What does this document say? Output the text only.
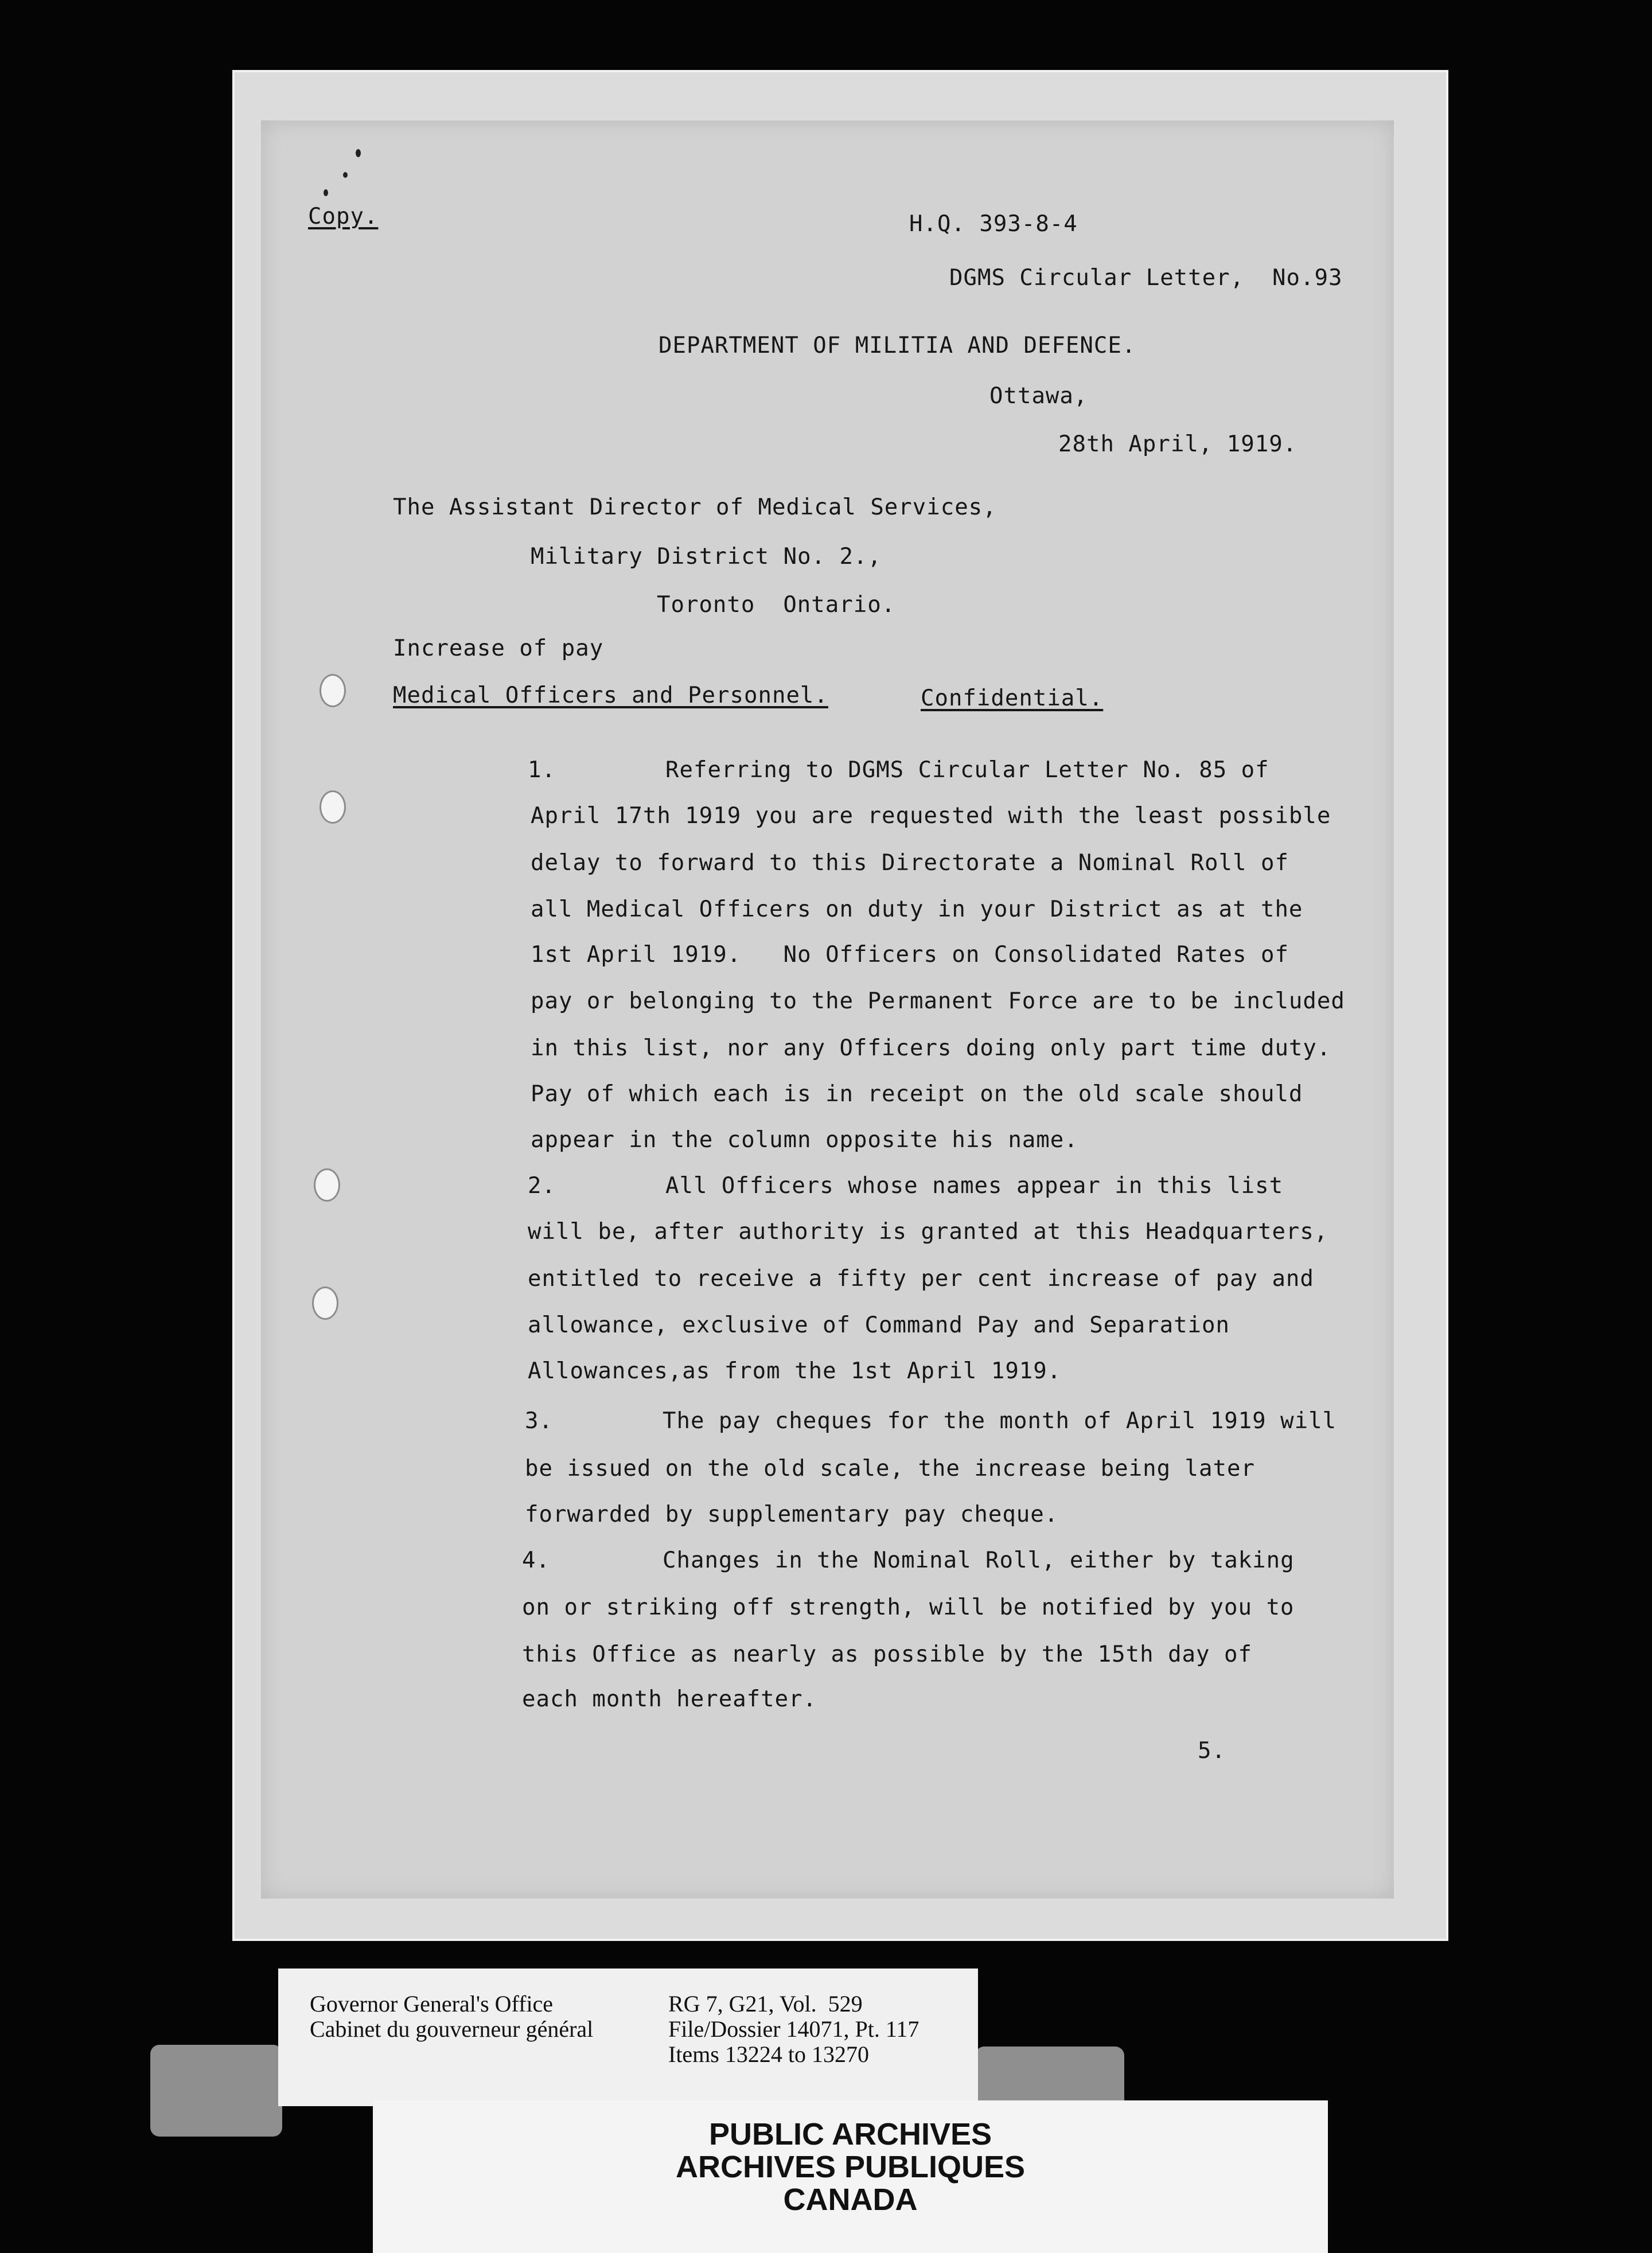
Copy.	H.Q. 393-8-4
DGMS Circular Letter,  No.93
DEPARTMENT OF MILITIA AND DEFENCE.
Ottawa,
28th April, 1919.
The Assistant Director of Medical Services,
Military District No. 2.,
Toronto  Ontario.
Increase of pay
Medical Officers and Personnel.	Confidential.
1.	Referring to DGMS Circular Letter No. 85 of
April 17th 1919 you are requested with the least possible
delay to forward to this Directorate a Nominal Roll of
all Medical Officers on duty in your District as at the
1st April 1919.   No Officers on Consolidated Rates of
pay or belonging to the Permanent Force are to be included
in this list, nor any Officers doing only part time duty.
Pay of which each is in receipt on the old scale should
appear in the column opposite his name.
2.	All Officers whose names appear in this list
will be, after authority is granted at this Headquarters,
entitled to receive a fifty per cent increase of pay and
allowance, exclusive of Command Pay and Separation
Allowances,as from the 1st April 1919.
3.	The pay cheques for the month of April 1919 will
be issued on the old scale, the increase being later
forwarded by supplementary pay cheque.
4.	Changes in the Nominal Roll, either by taking
on or striking off strength, will be notified by you to
this Office as nearly as possible by the 15th day of
each month hereafter.
5.
Governor General's Office
Cabinet du gouverneur général
RG 7, G21, Vol.  529
File/Dossier 14071, Pt. 117
Items 13224 to 13270
PUBLIC ARCHIVES
ARCHIVES PUBLIQUES
CANADA
